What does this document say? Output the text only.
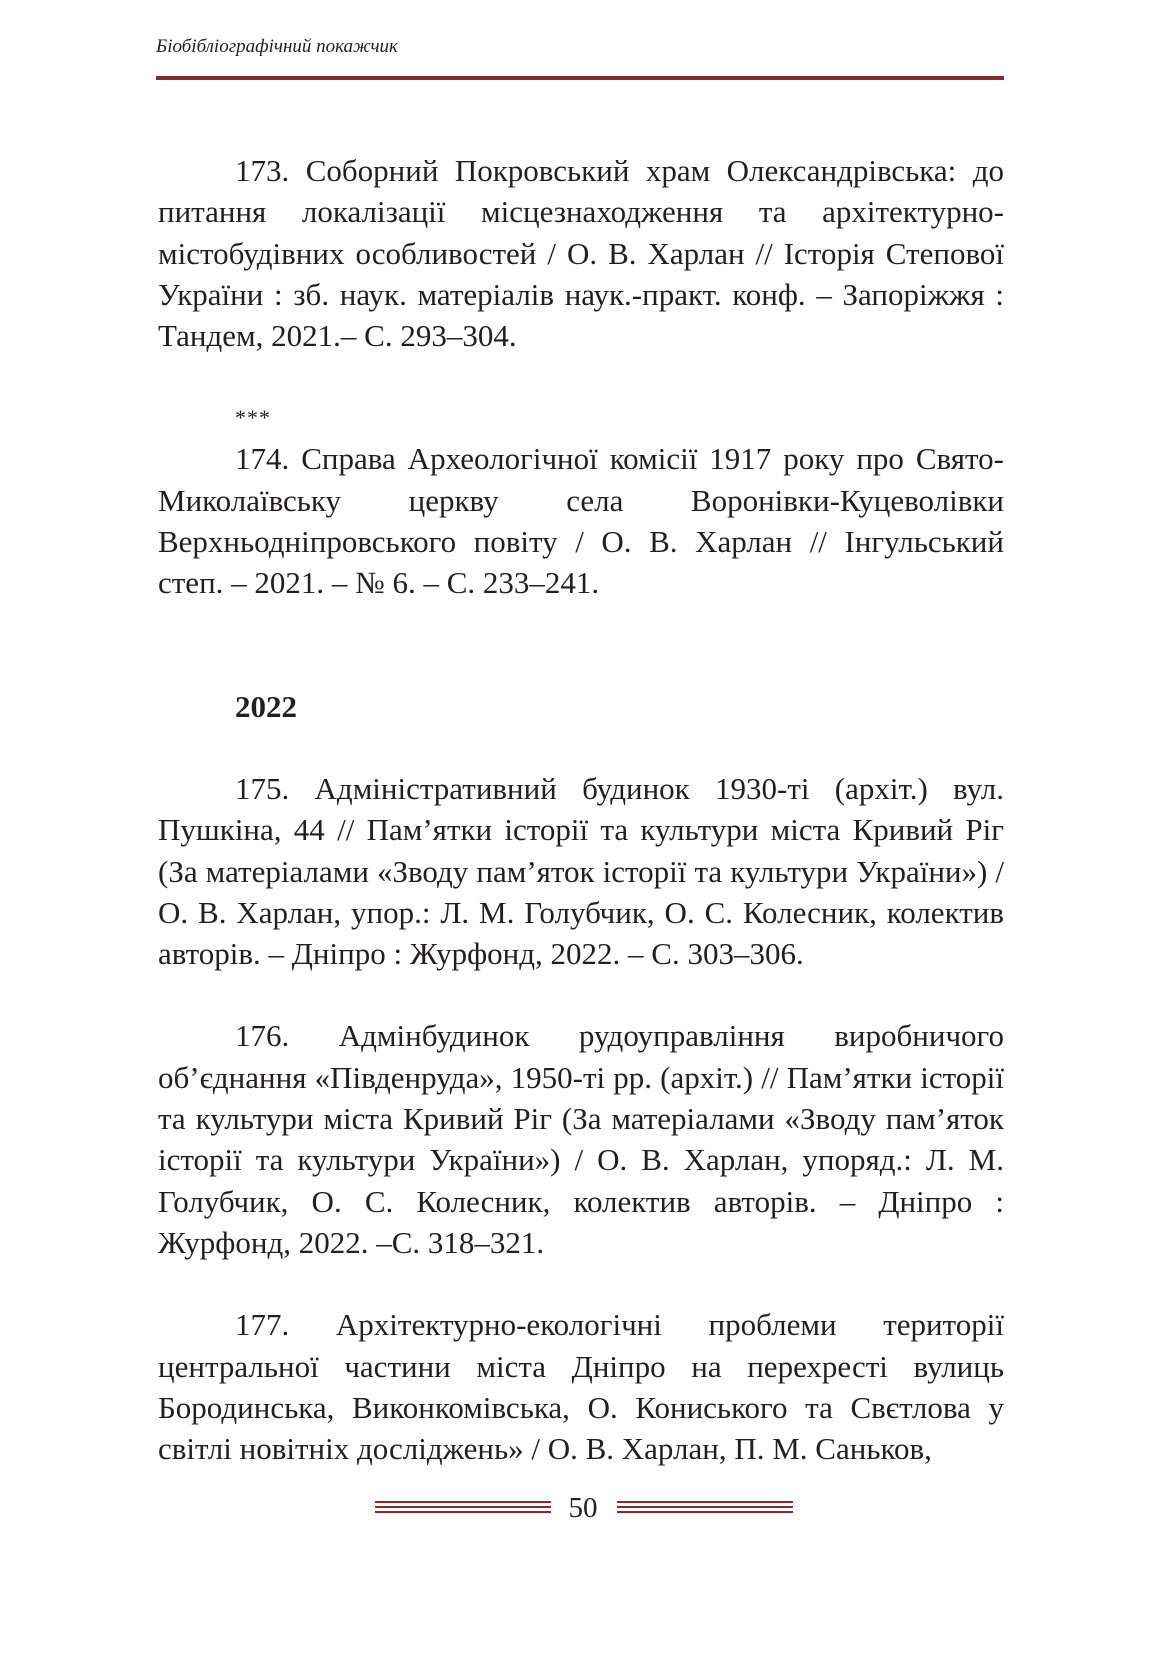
Біобібліографічний покажчик

173. Соборний Покровський храм Олександрівська: до питання локалізації місцезнаходження та архітектурно-містобудівних особливостей / О. В. Харлан // Історія Степової України : зб. наук. матеріалів наук.-практ. конф. – Запоріжжя : Тандем, 2021.– С. 293–304.

***

174. Справа Археологічної комісії 1917 року про Свято-Миколаївську церкву села Воронівки-Куцеволівки Верхньодніпровського повіту / О. В. Харлан // Інгульський степ. – 2021. – № 6. – С. 233–241.

2022

175. Адміністративний будинок 1930-ті (архіт.) вул. Пушкіна, 44 // Пам’ятки історії та культури міста Кривий Ріг (За матеріалами «Зводу пам’яток історії та культури України») / О. В. Харлан, упор.: Л. М. Голубчик, О. С. Колесник, колектив авторів. – Дніпро : Журфонд, 2022. – С. 303–306.

176. Адмінбудинок рудоуправління виробничого об’єднання «Південруда», 1950-ті рр. (архіт.) // Пам’ятки історії та культури міста Кривий Ріг (За матеріалами «Зводу пам’яток історії та культури України») / О. В. Харлан, упоряд.: Л. М. Голубчик, О. С. Колесник, колектив авторів. – Дніпро : Журфонд, 2022. –С. 318–321.

177. Архітектурно-екологічні проблеми території центральної частини міста Дніпро на перехресті вулиць Бородинська, Виконкомівська, О. Кониського та Свєтлова у світлі новітніх досліджень» / О. В. Харлан, П. М. Саньков,

50
